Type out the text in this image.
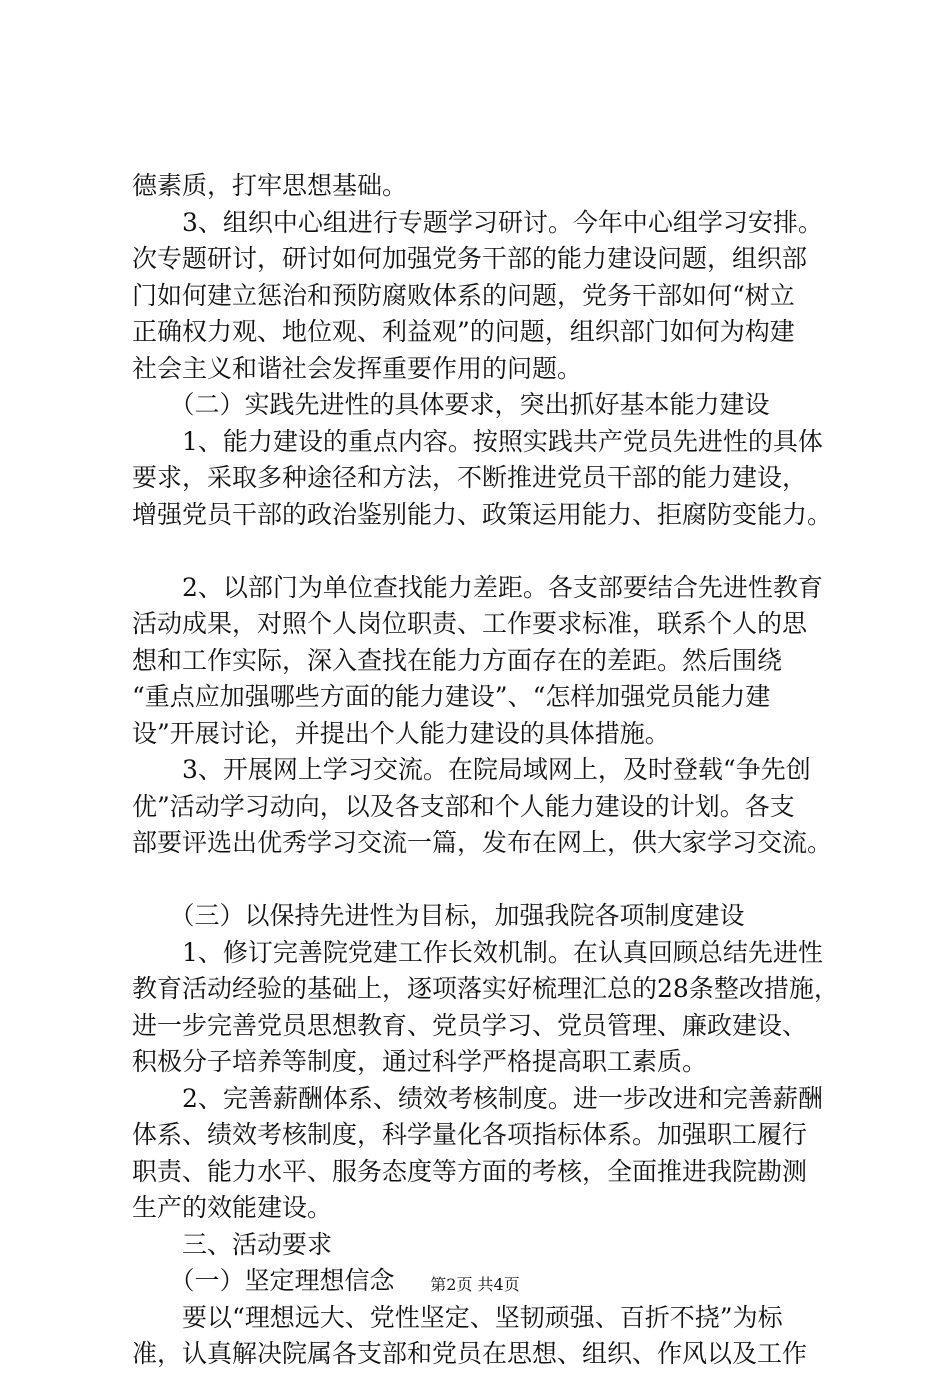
德素质，打牢思想基础。

　　3、组织中心组进行专题学习研讨。今年中心组学习安排。

次专题研讨，研讨如何加强党务干部的能力建设问题，组织部

门如何建立惩治和预防腐败体系的问题，党务干部如何“树立

正确权力观、地位观、利益观”的问题，组织部门如何为构建

社会主义和谐社会发挥重要作用的问题。

　　（二）实践先进性的具体要求，突出抓好基本能力建设

　　1、能力建设的重点内容。按照实践共产党员先进性的具体

要求，采取多种途径和方法，不断推进党员干部的能力建设，

增强党员干部的政治鉴别能力、政策运用能力、拒腐防变能力。

　　2、以部门为单位查找能力差距。各支部要结合先进性教育

活动成果，对照个人岗位职责、工作要求标准，联系个人的思

想和工作实际，深入查找在能力方面存在的差距。然后围绕

“重点应加强哪些方面的能力建设”、“怎样加强党员能力建

设”开展讨论，并提出个人能力建设的具体措施。

　　3、开展网上学习交流。在院局域网上，及时登载“争先创

优”活动学习动向，以及各支部和个人能力建设的计划。各支

部要评选出优秀学习交流一篇，发布在网上，供大家学习交流。

　　（三）以保持先进性为目标，加强我院各项制度建设

　　1、修订完善院党建工作长效机制。在认真回顾总结先进性

教育活动经验的基础上，逐项落实好梳理汇总的28条整改措施，

进一步完善党员思想教育、党员学习、党员管理、廉政建设、

积极分子培养等制度，通过科学严格提高职工素质。

　　2、完善薪酬体系、绩效考核制度。进一步改进和完善薪酬

体系、绩效考核制度，科学量化各项指标体系。加强职工履行

职责、能力水平、服务态度等方面的考核，全面推进我院勘测

生产的效能建设。

　　三、活动要求

　　（一）坚定理想信念

　　要以“理想远大、党性坚定、坚韧顽强、百折不挠”为标

准，认真解决院属各支部和党员在思想、组织、作风以及工作

第2页 共4页
